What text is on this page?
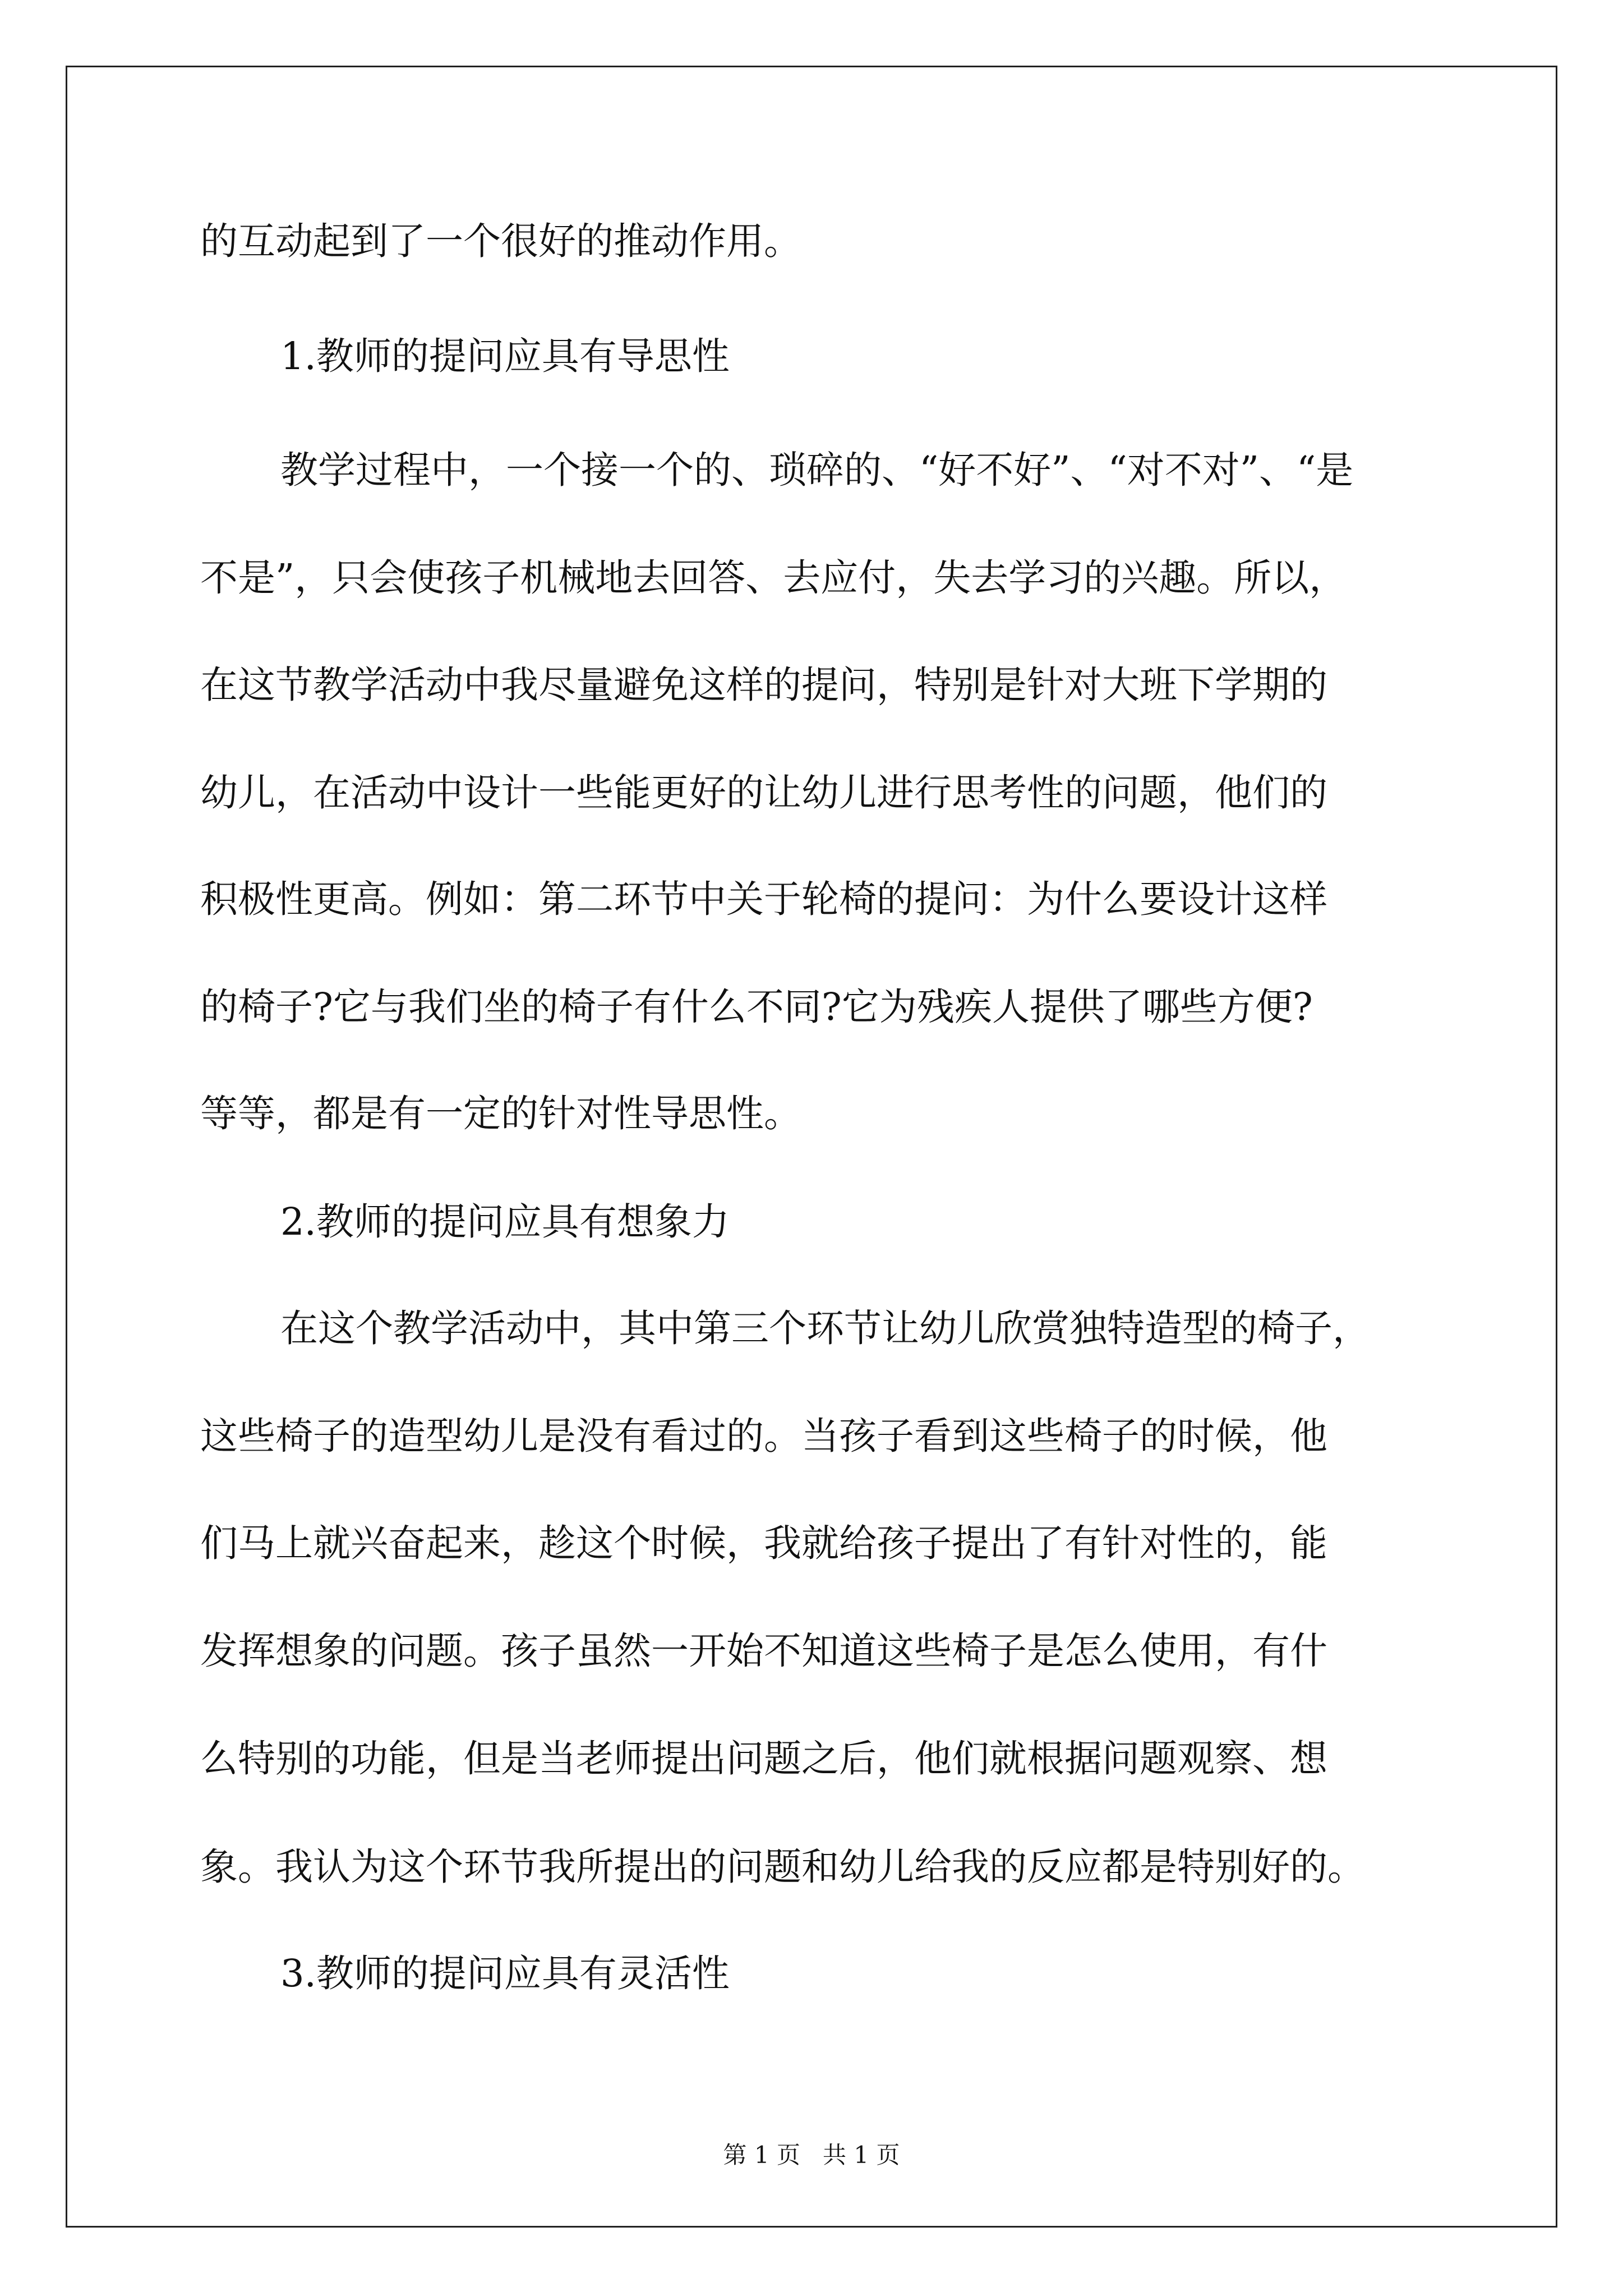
的互动起到了一个很好的推动作用。

1.教师的提问应具有导思性

教学过程中，一个接一个的、琐碎的、“好不好”、“对不对”、“是

不是”，只会使孩子机械地去回答、去应付，失去学习的兴趣。所以，

在这节教学活动中我尽量避免这样的提问，特别是针对大班下学期的

幼儿，在活动中设计一些能更好的让幼儿进行思考性的问题，他们的

积极性更高。例如：第二环节中关于轮椅的提问：为什么要设计这样

的椅子?它与我们坐的椅子有什么不同?它为残疾人提供了哪些方便?

等等，都是有一定的针对性导思性。

2.教师的提问应具有想象力

在这个教学活动中，其中第三个环节让幼儿欣赏独特造型的椅子，

这些椅子的造型幼儿是没有看过的。当孩子看到这些椅子的时候，他

们马上就兴奋起来，趁这个时候，我就给孩子提出了有针对性的，能

发挥想象的问题。孩子虽然一开始不知道这些椅子是怎么使用，有什

么特别的功能，但是当老师提出问题之后，他们就根据问题观察、想

象。我认为这个环节我所提出的问题和幼儿给我的反应都是特别好的。

3.教师的提问应具有灵活性

第 1 页   共 1 页
